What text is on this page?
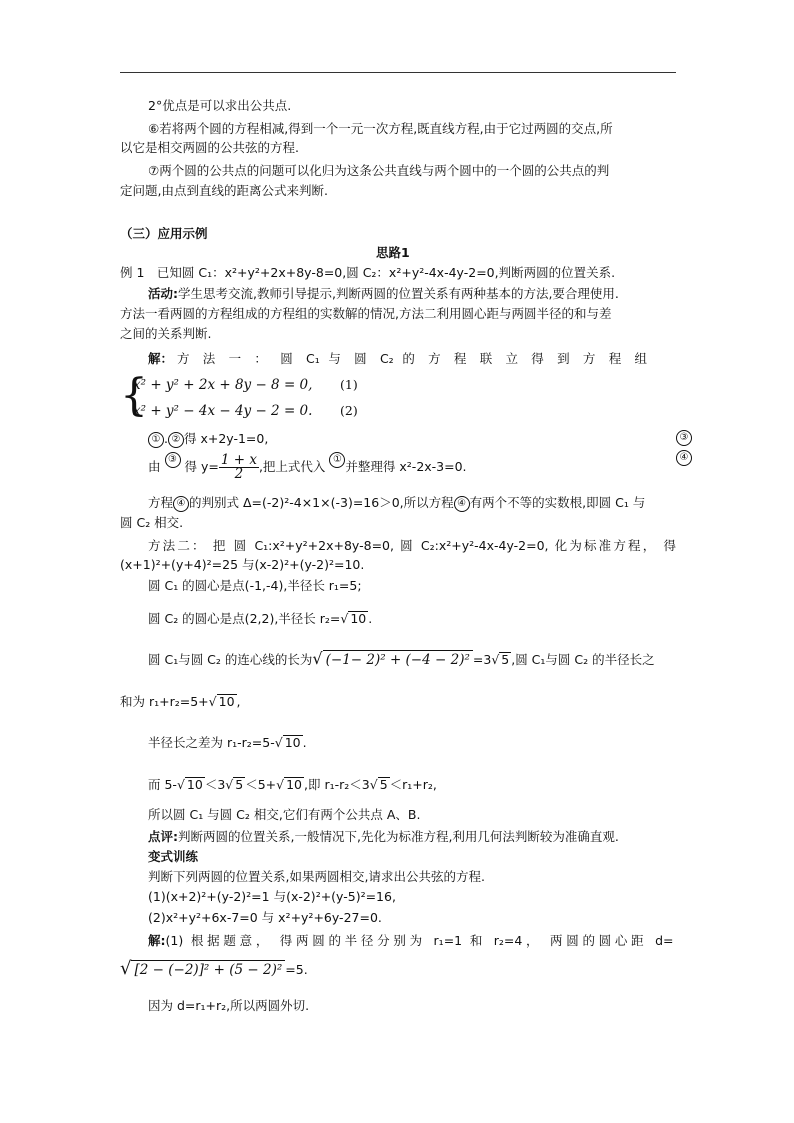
2°优点是可以求出公共点.
⑥若将两个圆的方程相减,得到一个一元一次方程,既直线方程,由于它过两圆的交点,所
以它是相交两圆的公共弦的方程.
⑦两个圆的公共点的问题可以化归为这条公共直线与两个圆中的一个圆的公共点的判
定问题,由点到直线的距离公式来判断.
（三）应用示例
思路1
例 1　已知圆 C₁：x²+y²+2x+8y-8=0,圆 C₂：x²+y²-4x-4y-2=0,判断两圆的位置关系.
活动:学生思考交流,教师引导提示,判断两圆的位置关系有两种基本的方法,要合理使用.
方法一看两圆的方程组成的方程组的实数解的情况,方法二利用圆心距与两圆半径的和与差
之间的关系判断.
解： 方 法 一 ： 圆 C₁ 与 圆 C₂ 的 方 程 联 立 得 到 方 程 组
{
x² + y² + 2x + 8y − 8 = 0, (1)
x² + y² − 4x − 4y − 2 = 0. (2)
① . ② 得 x+2y-1=0,	③
由 ③ 得 $y= \frac{1 + x}{2}$,把上式代入 ① 并整理得 x²-2x-3=0.
④
方程 ④ 的判别式 Δ=(-2)²-4×1×(-3)=16＞0,所以方程 ④ 有两个不等的实数根,即圆 C₁ 与
圆 C₂ 相交.
方法二： 把 圆 C₁:x²+y²+2x+8y-8=0, 圆 C₂:x²+y²-4x-4y-2=0, 化为标准方程， 得
(x+1)²+(y+4)²=25 与(x-2)²+(y-2)²=10.
圆 C₁ 的圆心是点(-1,-4),半径长 r₁=5;
圆 C₂ 的圆心是点(2,2),半径长 r₂=√ 10 .
圆 C₁与圆 C₂ 的连心线的长为√ (−1− 2)² + (−4 − 2)² =3√ 5 ,圆 C₁与圆 C₂ 的半径长之
和为 r₁+r₂=5+√ 10 ,
半径长之差为 r₁-r₂=5-√ 10 .
而 5-√ 10 ＜3√ 5 ＜5+√ 10 ,即 r₁-r₂＜3√ 5 ＜r₁+r₂,
所以圆 C₁ 与圆 C₂ 相交,它们有两个公共点 A、B.
点评:判断两圆的位置关系,一般情况下,先化为标准方程,利用几何法判断较为准确直观.
变式训练
判断下列两圆的位置关系,如果两圆相交,请求出公共弦的方程.
(1)(x+2)²+(y-2)²=1 与(x-2)²+(y-5)²=16,
(2)x²+y²+6x-7=0 与 x²+y²+6y-27=0.
解:(1) 根据题意， 得两圆的半径分别为 r₁=1 和 r₂=4， 两圆的圆心距 d=
√ [2 − (−2)]² + (5 − 2)² =5.
因为 d=r₁+r₂,所以两圆外切.
